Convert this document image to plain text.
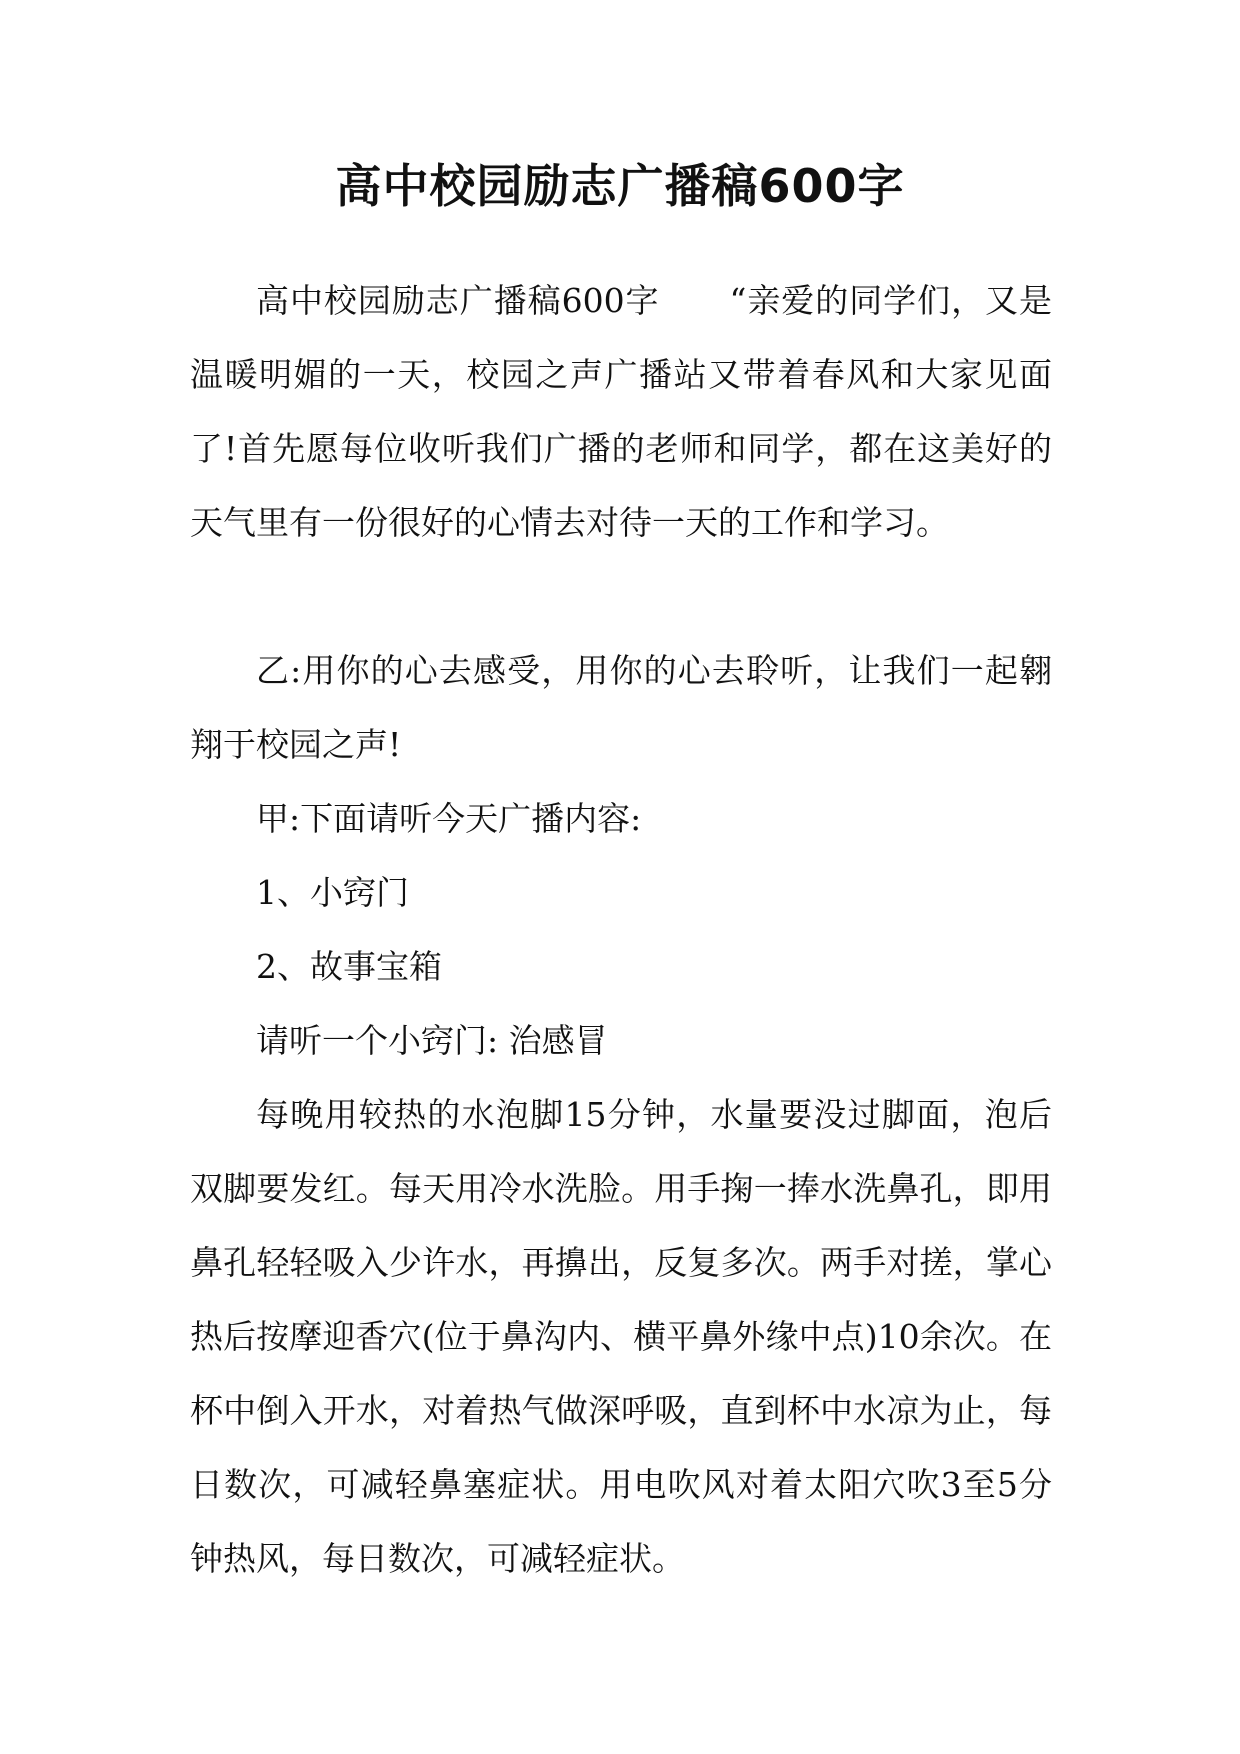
高中校园励志广播稿600字

高中校园励志广播稿600字 “亲爱的同学们，又是温暖明媚的一天，校园之声广播站又带着春风和大家见面了!首先愿每位收听我们广播的老师和同学，都在这美好的天气里有一份很好的心情去对待一天的工作和学习。

乙:用你的心去感受，用你的心去聆听，让我们一起翱翔于校园之声!

甲:下面请听今天广播内容:

1、小窍门

2、故事宝箱

请听一个小窍门: 治感冒

每晚用较热的水泡脚15分钟，水量要没过脚面，泡后双脚要发红。每天用冷水洗脸。用手掬一捧水洗鼻孔，即用鼻孔轻轻吸入少许水，再擤出，反复多次。两手对搓，掌心热后按摩迎香穴(位于鼻沟内、横平鼻外缘中点)10余次。在杯中倒入开水，对着热气做深呼吸，直到杯中水凉为止，每日数次，可减轻鼻塞症状。用电吹风对着太阳穴吹3至5分钟热风，每日数次，可减轻症状。
